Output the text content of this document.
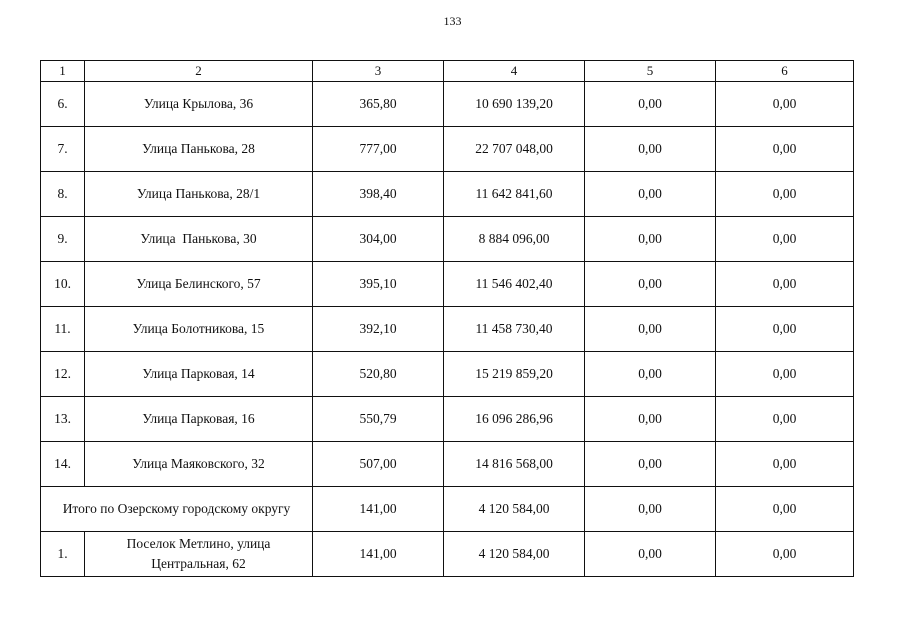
133
1	2	3	4	5	6
6.	Улица Крылова, 36	365,80	10 690 139,20	0,00	0,00
7.	Улица Панькова, 28	777,00	22 707 048,00	0,00	0,00
8.	Улица Панькова, 28/1	398,40	11 642 841,60	0,00	0,00
9.	Улица  Панькова, 30	304,00	8 884 096,00	0,00	0,00
10.	Улица Белинского, 57	395,10	11 546 402,40	0,00	0,00
11.	Улица Болотникова, 15	392,10	11 458 730,40	0,00	0,00
12.	Улица Парковая, 14	520,80	15 219 859,20	0,00	0,00
13.	Улица Парковая, 16	550,79	16 096 286,96	0,00	0,00
14.	Улица Маяковского, 32	507,00	14 816 568,00	0,00	0,00
Итого по Озерскому городскому округу		141,00	4 120 584,00	0,00	0,00
1.	Поселок Метлино, улица
Центральная, 62	141,00	4 120 584,00	0,00	0,00
